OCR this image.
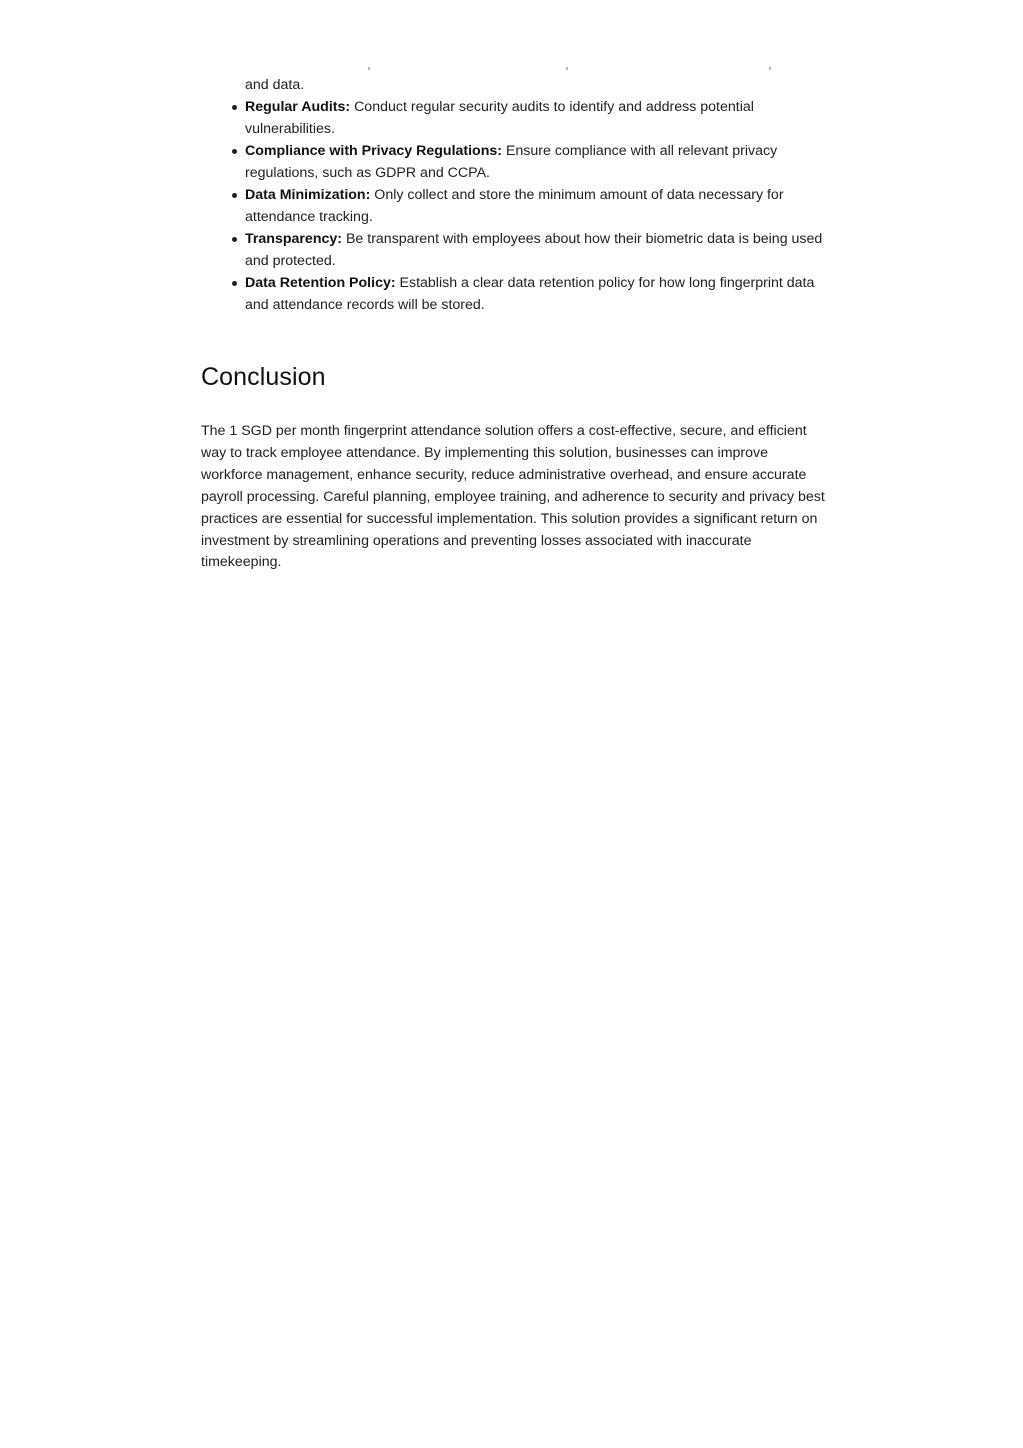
and data.
Regular Audits: Conduct regular security audits to identify and address potential vulnerabilities.
Compliance with Privacy Regulations: Ensure compliance with all relevant privacy regulations, such as GDPR and CCPA.
Data Minimization: Only collect and store the minimum amount of data necessary for attendance tracking.
Transparency: Be transparent with employees about how their biometric data is being used and protected.
Data Retention Policy: Establish a clear data retention policy for how long fingerprint data and attendance records will be stored.
Conclusion

The 1 SGD per month fingerprint attendance solution offers a cost-effective, secure, and efficient way to track employee attendance. By implementing this solution, businesses can improve workforce management, enhance security, reduce administrative overhead, and ensure accurate payroll processing. Careful planning, employee training, and adherence to security and privacy best practices are essential for successful implementation. This solution provides a significant return on investment by streamlining operations and preventing losses associated with inaccurate timekeeping.
